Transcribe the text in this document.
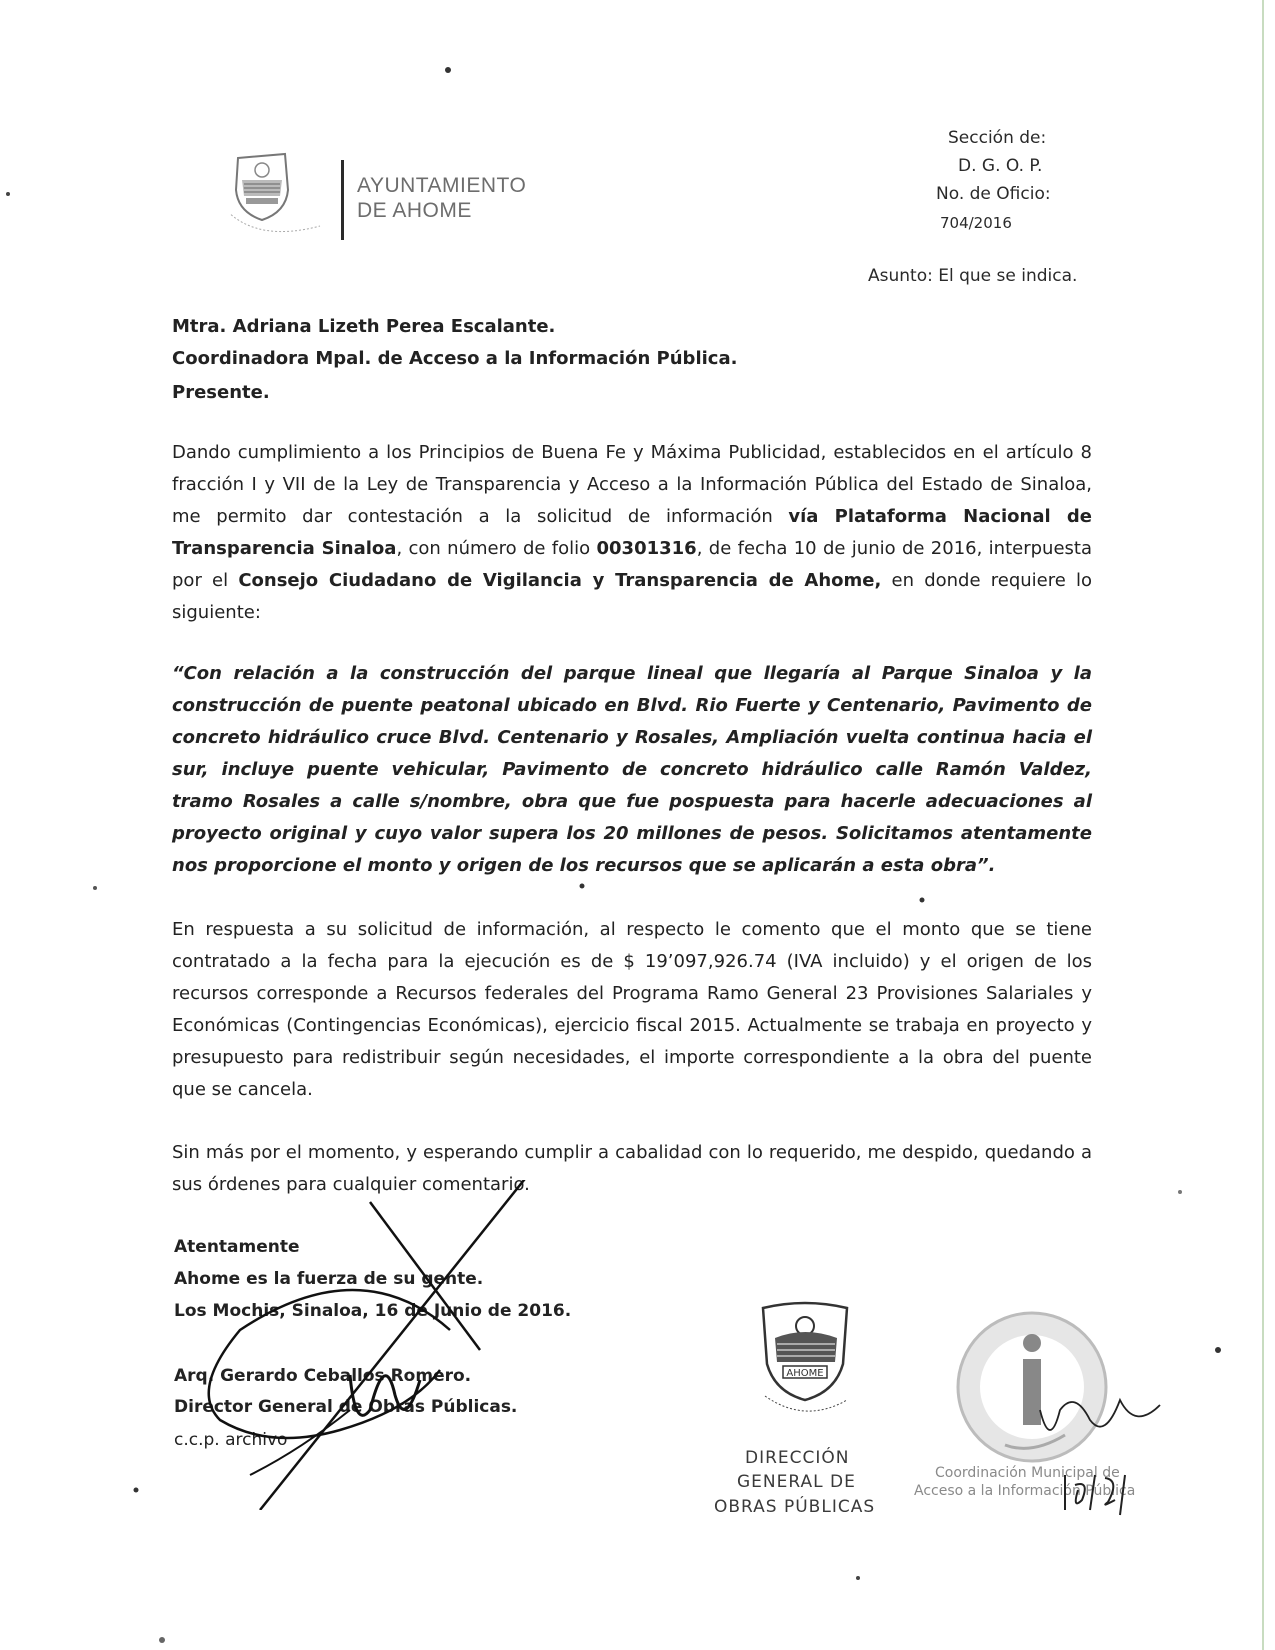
AYUNTAMIENTO
DE AHOME
Sección de:
D. G. O. P.
No. de Oficio:
704/2016
Asunto: El que se indica.
Mtra. Adriana Lizeth Perea Escalante.
Coordinadora Mpal. de Acceso a la Información Pública.
Presente.
Dando cumplimiento a los Principios de Buena Fe y Máxima Publicidad, establecidos en el artículo 8 fracción I y VII de la Ley de Transparencia y Acceso a la Información Pública del Estado de Sinaloa, me permito dar contestación a la solicitud de información vía Plataforma Nacional de Transparencia Sinaloa, con número de folio 00301316, de fecha 10 de junio de 2016, interpuesta por el Consejo Ciudadano de Vigilancia y Transparencia de Ahome, en donde requiere lo siguiente:
“Con relación a la construcción del parque lineal que llegaría al Parque Sinaloa y la construcción de puente peatonal ubicado en Blvd. Rio Fuerte y Centenario, Pavimento de concreto hidráulico cruce Blvd. Centenario y Rosales, Ampliación vuelta continua hacia el sur, incluye puente vehicular, Pavimento de concreto hidráulico calle Ramón Valdez, tramo Rosales a calle s/nombre, obra que fue pospuesta para hacerle adecuaciones al proyecto original y cuyo valor supera los 20 millones de pesos. Solicitamos atentamente nos proporcione el monto y origen de los recursos que se aplicarán a esta obra”.
En respuesta a su solicitud de información, al respecto le comento que el monto que se tiene contratado a la fecha para la ejecución es de $ 19’097,926.74 (IVA incluido) y el origen de los recursos corresponde a Recursos federales del Programa Ramo General 23 Provisiones Salariales y Económicas (Contingencias Económicas), ejercicio fiscal 2015. Actualmente se trabaja en proyecto y presupuesto para redistribuir según necesidades, el importe correspondiente a la obra del puente que se cancela.
Sin más por el momento, y esperando cumplir a cabalidad con lo requerido, me despido, quedando a sus órdenes para cualquier comentario.
Atentamente
Ahome es la fuerza de su gente.
Los Mochis, Sinaloa, 16 de Junio de 2016.
Arq. Gerardo Ceballos Romero.
Director General de Obras Públicas.
c.c.p. archivo
AHOME
DIRECCIÓN
GENERAL DE
OBRAS PÚBLICAS
Coordinación Municipal de
Acceso a la Información Pública
